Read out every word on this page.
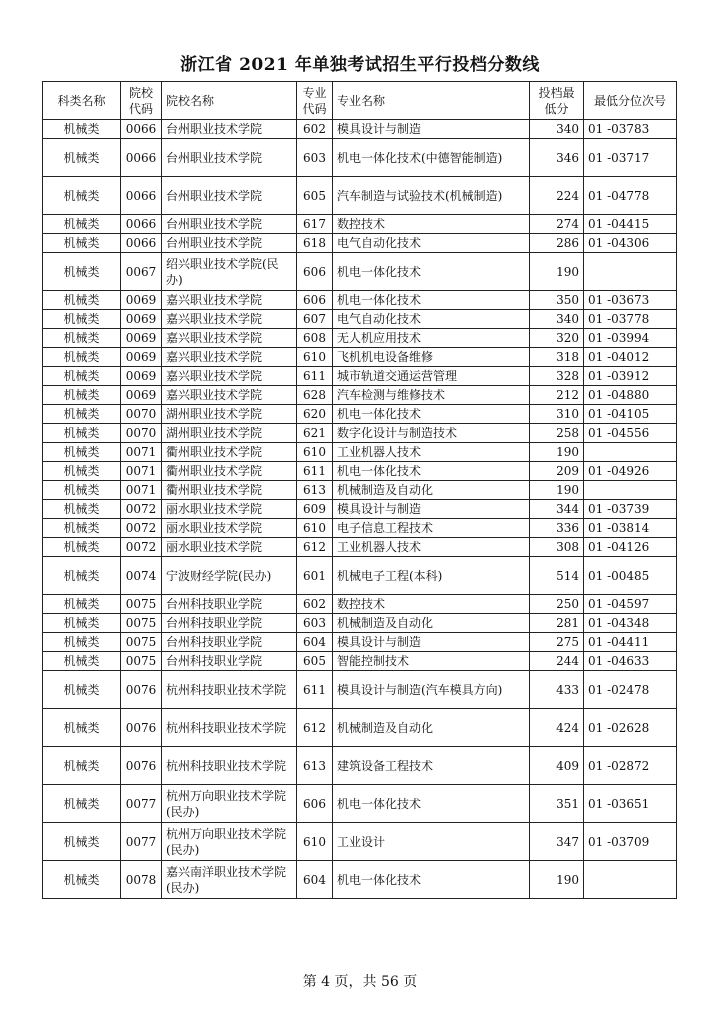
浙江省 2021 年单独考试招生平行投档分数线
科类名称	院校代码	院校名称	专业代码	专业名称	投档最低分	最低分位次号
机械类	0066	台州职业技术学院	602	模具设计与制造	340	01 -03783
机械类	0066	台州职业技术学院	603	机电一体化技术(中德智能制造)	346	01 -03717
机械类	0066	台州职业技术学院	605	汽车制造与试验技术(机械制造)	224	01 -04778
机械类	0066	台州职业技术学院	617	数控技术	274	01 -04415
机械类	0066	台州职业技术学院	618	电气自动化技术	286	01 -04306
机械类	0067	绍兴职业技术学院(民办)	606	机电一体化技术	190	
机械类	0069	嘉兴职业技术学院	606	机电一体化技术	350	01 -03673
机械类	0069	嘉兴职业技术学院	607	电气自动化技术	340	01 -03778
机械类	0069	嘉兴职业技术学院	608	无人机应用技术	320	01 -03994
机械类	0069	嘉兴职业技术学院	610	飞机机电设备维修	318	01 -04012
机械类	0069	嘉兴职业技术学院	611	城市轨道交通运营管理	328	01 -03912
机械类	0069	嘉兴职业技术学院	628	汽车检测与维修技术	212	01 -04880
机械类	0070	湖州职业技术学院	620	机电一体化技术	310	01 -04105
机械类	0070	湖州职业技术学院	621	数字化设计与制造技术	258	01 -04556
机械类	0071	衢州职业技术学院	610	工业机器人技术	190	
机械类	0071	衢州职业技术学院	611	机电一体化技术	209	01 -04926
机械类	0071	衢州职业技术学院	613	机械制造及自动化	190	
机械类	0072	丽水职业技术学院	609	模具设计与制造	344	01 -03739
机械类	0072	丽水职业技术学院	610	电子信息工程技术	336	01 -03814
机械类	0072	丽水职业技术学院	612	工业机器人技术	308	01 -04126
机械类	0074	宁波财经学院(民办)	601	机械电子工程(本科)	514	01 -00485
机械类	0075	台州科技职业学院	602	数控技术	250	01 -04597
机械类	0075	台州科技职业学院	603	机械制造及自动化	281	01 -04348
机械类	0075	台州科技职业学院	604	模具设计与制造	275	01 -04411
机械类	0075	台州科技职业学院	605	智能控制技术	244	01 -04633
机械类	0076	杭州科技职业技术学院	611	模具设计与制造(汽车模具方向)	433	01 -02478
机械类	0076	杭州科技职业技术学院	612	机械制造及自动化	424	01 -02628
机械类	0076	杭州科技职业技术学院	613	建筑设备工程技术	409	01 -02872
机械类	0077	杭州万向职业技术学院(民办)	606	机电一体化技术	351	01 -03651
机械类	0077	杭州万向职业技术学院(民办)	610	工业设计	347	01 -03709
机械类	0078	嘉兴南洋职业技术学院(民办)	604	机电一体化技术	190	
第 4 页，共 56 页
